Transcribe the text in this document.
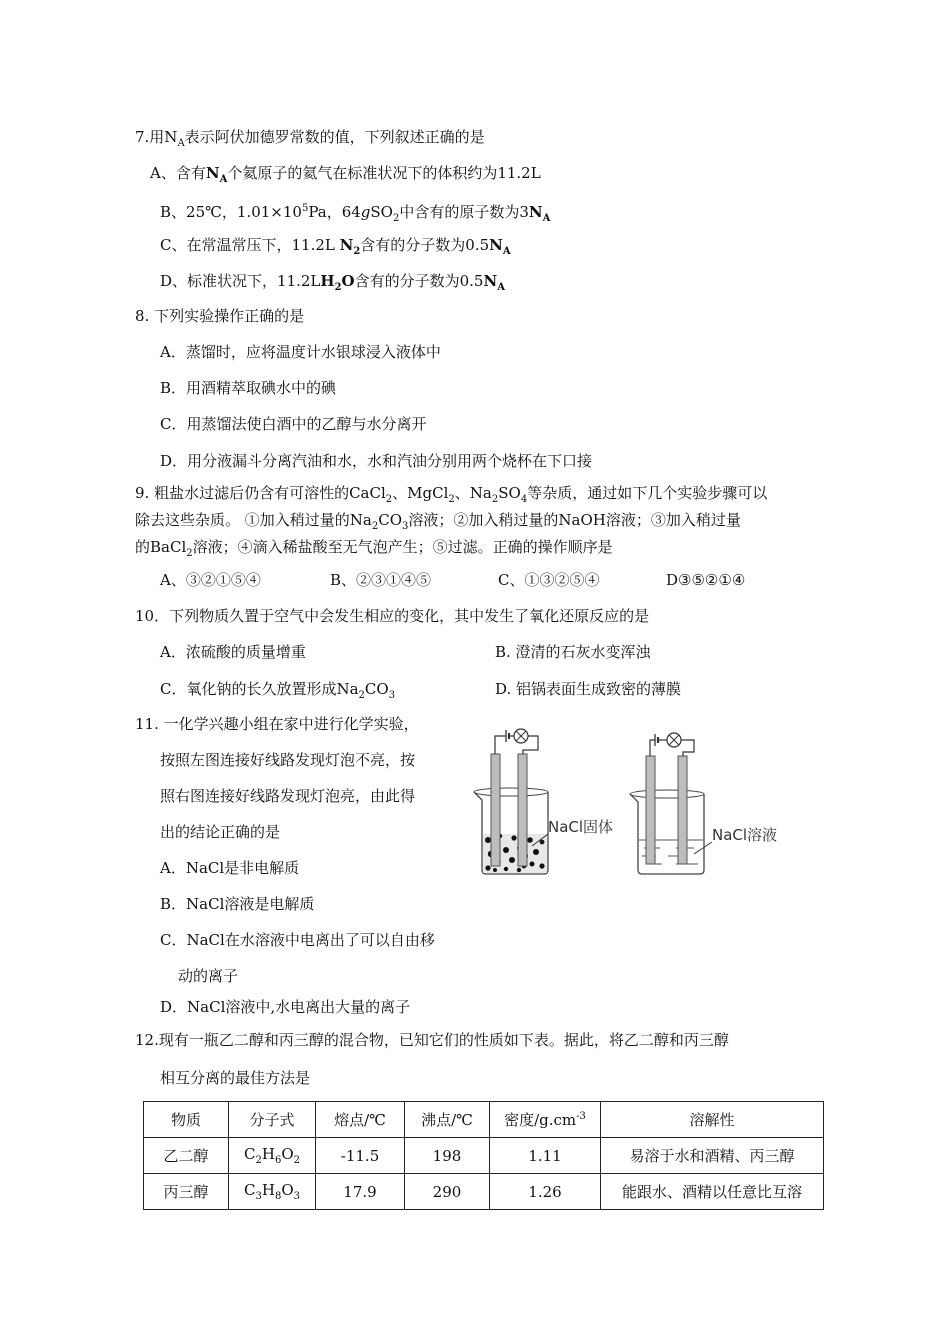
7.用$N_A$表示阿伏加德罗常数的值，下列叙述正确的是
A、含有$N_A$个氦原子的氦气在标准状况下的体积约为11.2L
B、25℃，$1.01\times 10^5Pa$，64gSO$_2$中含有的原子数为$3N_A$
C、在常温常压下，11.2L $N_2$含有的分子数为$0.5N_A$
D、标准状况下，$11.2LH_2O$含有的分子数为$0.5N_A$
8. 下列实验操作正确的是
A．蒸馏时，应将温度计水银球浸入液体中
B．用酒精萃取碘水中的碘
C．用蒸馏法使白酒中的乙醇与水分离开
D．用分液漏斗分离汽油和水，水和汽油分别用两个烧杯在下口接
9. 粗盐水过滤后仍含有可溶性的CaCl$_2$、MgCl$_2$、$Na_2SO_4$等杂质，通过如下几个实验步骤可以
除去这些杂质。 ①加入稍过量的$Na_2CO_3$溶液；②加入稍过量的NaOH溶液；③加入稍过量
的BaCl$_2$溶液；④滴入稀盐酸至无气泡产生；⑤过滤。正确的操作顺序是
A、③②①⑤④	B、②③①④⑤	C、①③②⑤④	D③⑤②①④
10．下列物质久置于空气中会发生相应的变化，其中发生了氧化还原反应的是
A．浓硫酸的质量增重	B. 澄清的石灰水变浑浊
C．氧化钠的长久放置形成$Na_2CO_3$	D. 铝锅表面生成致密的薄膜
11. 一化学兴趣小组在家中进行化学实验，
按照左图连接好线路发现灯泡不亮，按
照右图连接好线路发现灯泡亮，由此得
出的结论正确的是
A．NaCl是非电解质
B．NaCl溶液是电解质
C．NaCl在水溶液中电离出了可以自由移
动的离子
D．NaCl溶液中,水电离出大量的离子
NaCl固体	NaCl溶液
12.现有一瓶乙二醇和丙三醇的混合物，已知它们的性质如下表。据此，将乙二醇和丙三醇
相互分离的最佳方法是
物质	分子式	熔点/℃	沸点/℃	密度$/g.cm^{-3}$	溶解性
乙二醇	$C_2H_6O_2$	-11.5	198	1.11	易溶于水和酒精、丙三醇
丙三醇	$C_3H_8O_3$	17.9	290	1.26	能跟水、酒精以任意比互溶
